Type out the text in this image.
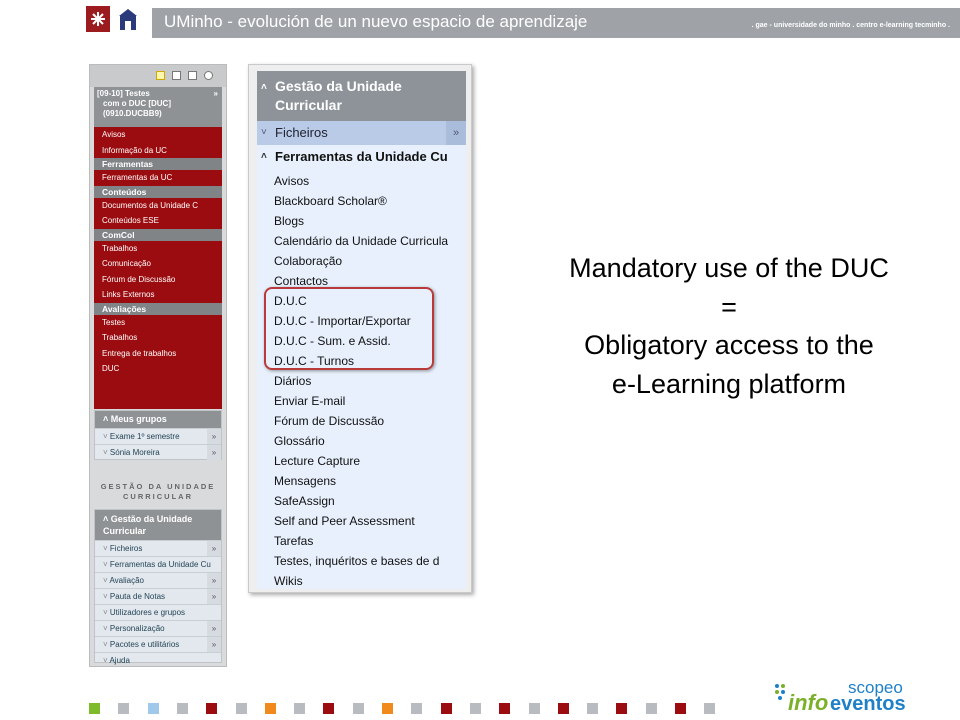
UMinho - evolución de un nuevo espacio de aprendizaje	. gae - universidade do minho . centro e-learning tecminho .
[09-10] Testes
com o DUC [DUC]
(0910.DUCBB9)
»
Avisos
Informação da UC
Ferramentas
Ferramentas da UC
Conteúdos
Documentos da Unidade C
Conteúdos ESE
ComCol
Trabalhos
Comunicação
Fórum de Discussão
Links Externos
Avaliações
Testes
Trabalhos
Entrega de trabalhos
DUC
˄ Meus grupos
˅ Exame 1º semestre	»
˅ Sónia Moreira	»
GESTÃO DA UNIDADE CURRICULAR
˄ Gestão da Unidade Curricular
˅ Ficheiros	»
˅ Ferramentas da Unidade Cu
˅ Avaliação	»
˅ Pauta de Notas	»
˅ Utilizadores e grupos
˅ Personalização	»
˅ Pacotes e utilitários	»
˅ Ajuda
˄ Gestão da Unidade Curricular
˅ Ficheiros	»
˄ Ferramentas da Unidade Cu
Avisos
Blackboard Scholar®
Blogs
Calendário da Unidade Curricula
Colaboração
Contactos
D.U.C
D.U.C - Importar/Exportar
D.U.C - Sum. e Assid.
D.U.C - Turnos
Diários
Enviar E-mail
Fórum de Discussão
Glossário
Lecture Capture
Mensagens
SafeAssign
Self and Peer Assessment
Tarefas
Testes, inquéritos e bases de d
Wikis
Mandatory use of the DUC
=
Obligatory access to the
e-Learning platform
scopeo
info eventos
